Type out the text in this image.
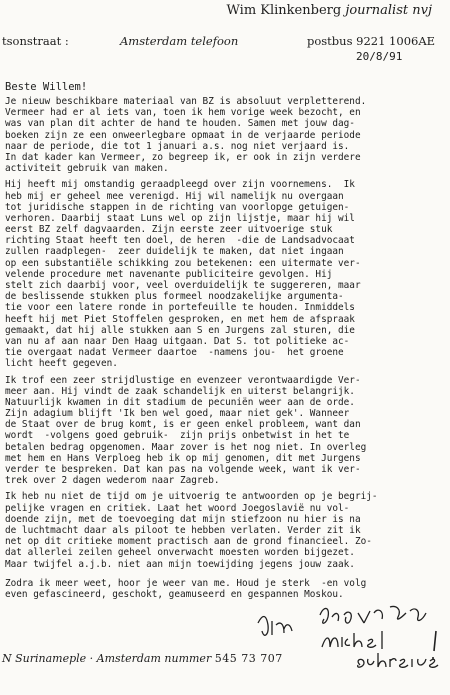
Wim Klinkenberg journalist nvj
tsonstraat :	Amsterdam telefoon	postbus 9221 1006AE
20/8/91
Beste Willem!
Je nieuw beschikbare materiaal van BZ is absoluut verpletterend.
Vermeer had er al iets van, toen ik hem vorige week bezocht, en
was van plan dit achter de hand te houden. Samen met jouw dag-
boeken zijn ze een onweerlegbare opmaat in de verjaarde periode
naar de periode, die tot 1 januari a.s. nog niet verjaard is.
In dat kader kan Vermeer, zo begreep ik, er ook in zijn verdere
activiteit gebruik van maken.
Hij heeft mij omstandig geraadpleegd over zijn voornemens.  Ik
heb mij er geheel mee verenigd. Hij wil namelijk nu overgaan
tot juridische stappen in de richting van voorlopge getuigen-
verhoren. Daarbij staat Luns wel op zijn lijstje, maar hij wil
eerst BZ zelf dagvaarden. Zijn eerste zeer uitvoerige stuk
richting Staat heeft ten doel, de heren  -die de Landsadvocaat
zullen raadplegen-  zeer duidelijk te maken, dat niet ingaan
op een substantiële schikking zou betekenen: een uitermate ver-
velende procedure met navenante publiciteire gevolgen. Hij
stelt zich daarbij voor, veel overduidelijk te suggereren, maar
de beslissende stukken plus formeel noodzakelijke argumenta-
tie voor een latere ronde in portefeuille te houden. Inmiddels
heeft hij met Piet Stoffelen gesproken, en met hem de afspraak
gemaakt, dat hij alle stukken aan S en Jurgens zal sturen, die
van nu af aan naar Den Haag uitgaan. Dat S. tot politieke ac-
tie overgaat nadat Vermeer daartoe  -namens jou-  het groene
licht heeft gegeven.
Ik trof een zeer strijdlustige en evenzeer verontwaardigde Ver-
meer aan. Hij vindt de zaak schandelijk en uiterst belangrijk.
Natuurlijk kwamen in dit stadium de pecuniën weer aan de orde.
Zijn adagium blijft 'Ik ben wel goed, maar niet gek'. Wanneer
de Staat over de brug komt, is er geen enkel probleem, want dan
wordt  -volgens goed gebruik-  zijn prijs onbetwist in het te
betalen bedrag opgenomen. Maar zover is het nog niet. In overleg
met hem en Hans Verploeg heb ik op mij genomen, dit met Jurgens
verder te bespreken. Dat kan pas na volgende week, want ik ver-
trek over 2 dagen wederom naar Zagreb.
Ik heb nu niet de tijd om je uitvoerig te antwoorden op je begrij-
pelijke vragen en critiek. Laat het woord Joegoslavië nu vol-
doende zijn, met de toevoeging dat mijn stiefzoon nu hier is na
de luchtmacht daar als piloot te hebben verlaten. Verder zit ik
net op dit critieke moment practisch aan de grond financieel. Zo-
dat allerlei zeilen geheel onverwacht moesten worden bijgezet.
Maar twijfel a.j.b. niet aan mijn toewijding jegens jouw zaak.
Zodra ik meer weet, hoor je weer van me. Houd je sterk  -en volg
even gefascineerd, geschokt, geamuseerd en gespannen Moskou.
N Surinameple · Amsterdam nummer 545 73 707
